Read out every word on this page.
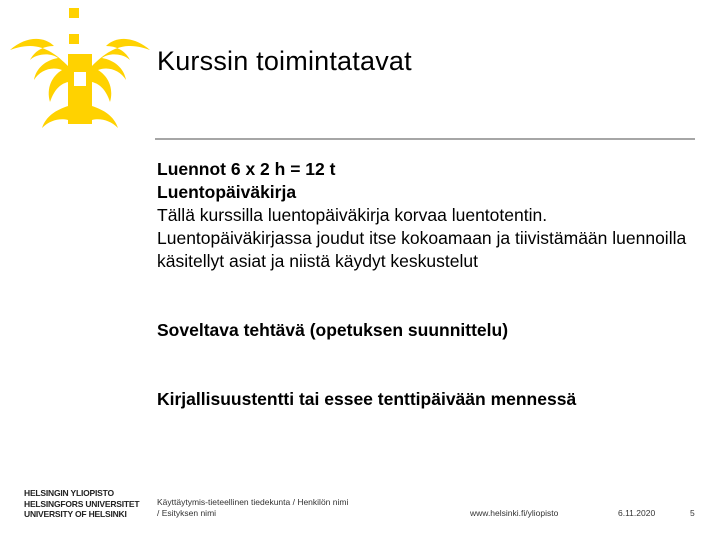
Kurssin toimintatavat

Luennot 6 x 2 h = 12 t

Luentopäiväkirja

Tällä kurssilla luentopäiväkirja korvaa luentotentin. Luentopäiväkirjassa joudut itse kokoamaan ja tiivistämään luennoilla käsitellyt asiat ja niistä käydyt keskustelut

Soveltava tehtävä (opetuksen suunnittelu)

Kirjallisuustentti tai essee tenttipäivään mennessä

HELSINGIN YLIOPISTO
HELSINGFORS UNIVERSITET
UNIVERSITY OF HELSINKI
Käyttäytymis-tieteellinen tiedekunta / Henkilön nimi
/ Esityksen nimi	www.helsinki.fi/yliopisto	6.11.2020	5
